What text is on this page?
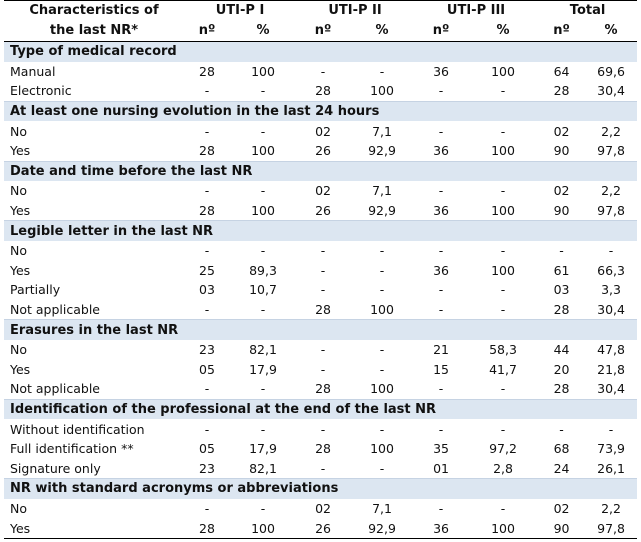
Characteristics of	UTI-P I		UTI-P II		UTI-P III		Total	
the last NR*	nº	%	nº	%	nº	%	nº	%
Type of medical record								
Manual	28	100	-	-	36	100	64	69,6
Electronic	-	-	28	100	-	-	28	30,4
At least one nursing evolution in the last 24 hours								
No	-	-	02	7,1	-	-	02	2,2
Yes	28	100	26	92,9	36	100	90	97,8
Date and time before the last NR								
No	-	-	02	7,1	-	-	02	2,2
Yes	28	100	26	92,9	36	100	90	97,8
Legible letter in the last NR								
No	-	-	-	-	-	-	-	-
Yes	25	89,3	-	-	36	100	61	66,3
Partially	03	10,7	-	-	-	-	03	3,3
Not applicable	-	-	28	100	-	-	28	30,4
Erasures in the last NR								
No	23	82,1	-	-	21	58,3	44	47,8
Yes	05	17,9	-	-	15	41,7	20	21,8
Not applicable	-	-	28	100	-	-	28	30,4
Identification of the professional at the end of the last NR								
Without identification	-	-	-	-	-	-	-	-
Full identification **	05	17,9	28	100	35	97,2	68	73,9
Signature only	23	82,1	-	-	01	2,8	24	26,1
NR with standard acronyms or abbreviations								
No	-	-	02	7,1	-	-	02	2,2
Yes	28	100	26	92,9	36	100	90	97,8
